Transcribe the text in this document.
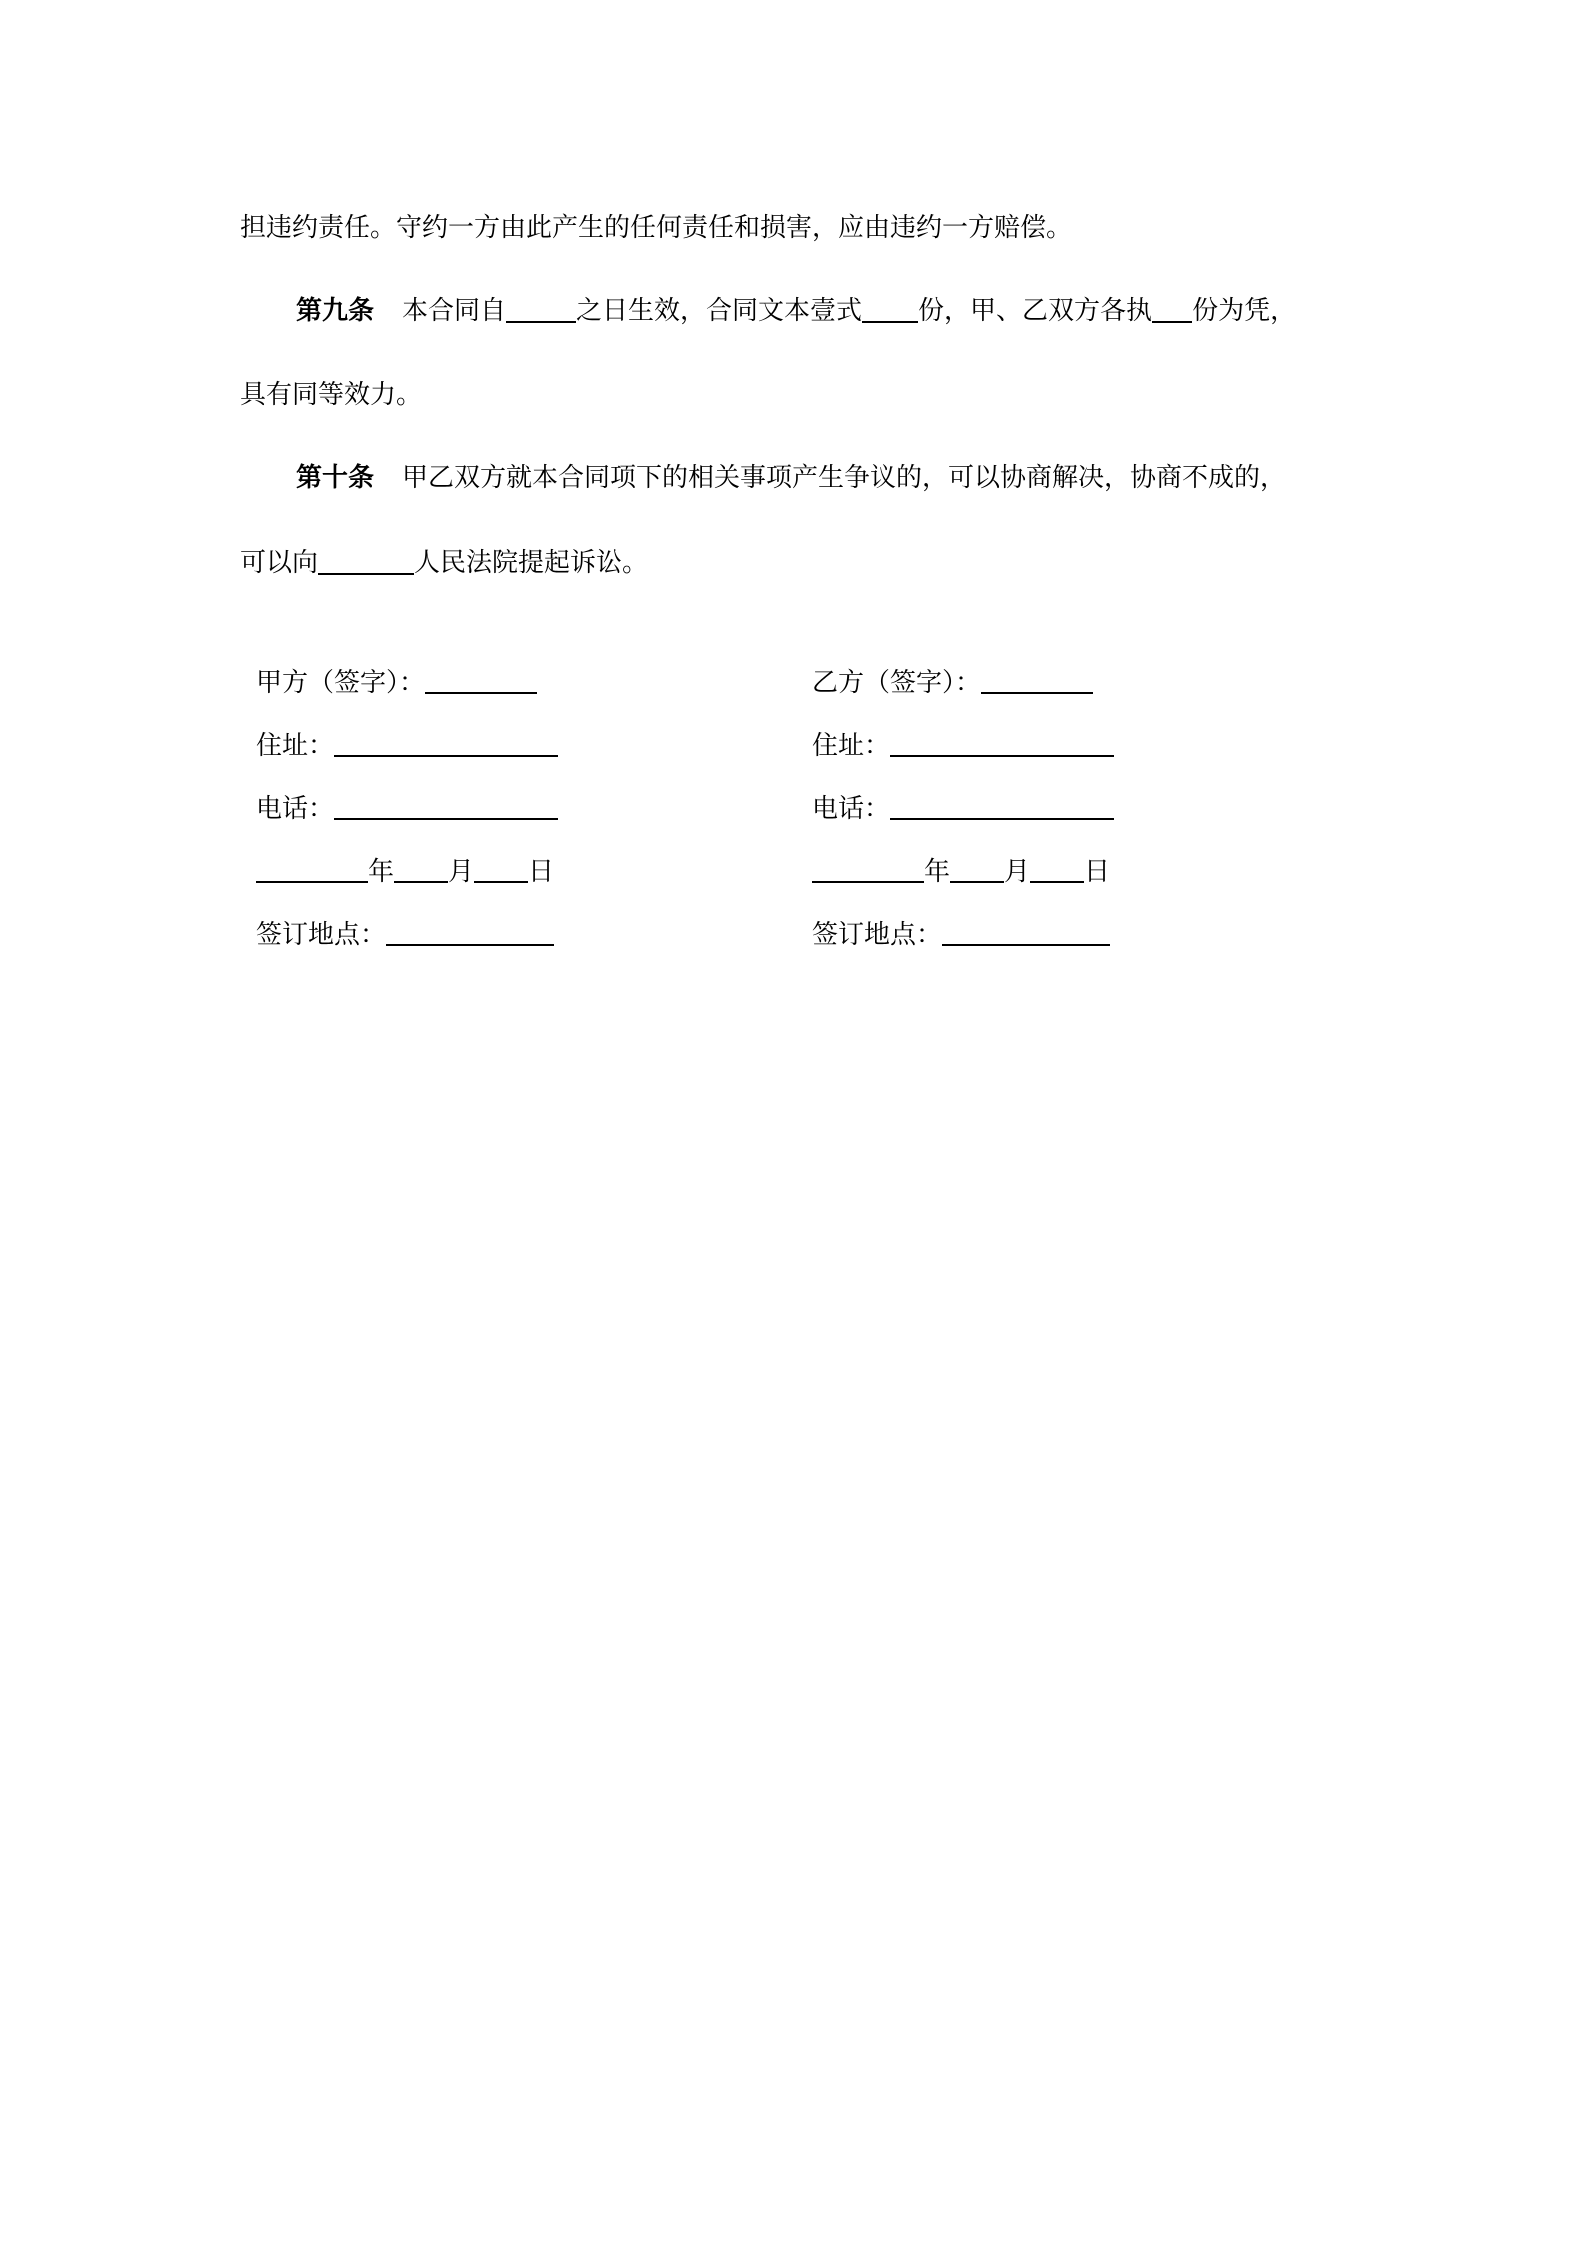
担违约责任。守约一方由此产生的任何责任和损害，应由违约一方赔偿。
第九条 本合同自	之日生效，合同文本壹式 份，甲、乙双方各执 份为凭，
具有同等效力。
第十条 甲乙双方就本合同项下的相关事项产生争议的，可以协商解决，协商不成的，
可以向	人民法院提起诉讼。
甲方（签字）：
住址：
电话：
年 月 日
签订地点：
乙方（签字）：
住址：
电话：
年 月 日
签订地点：
